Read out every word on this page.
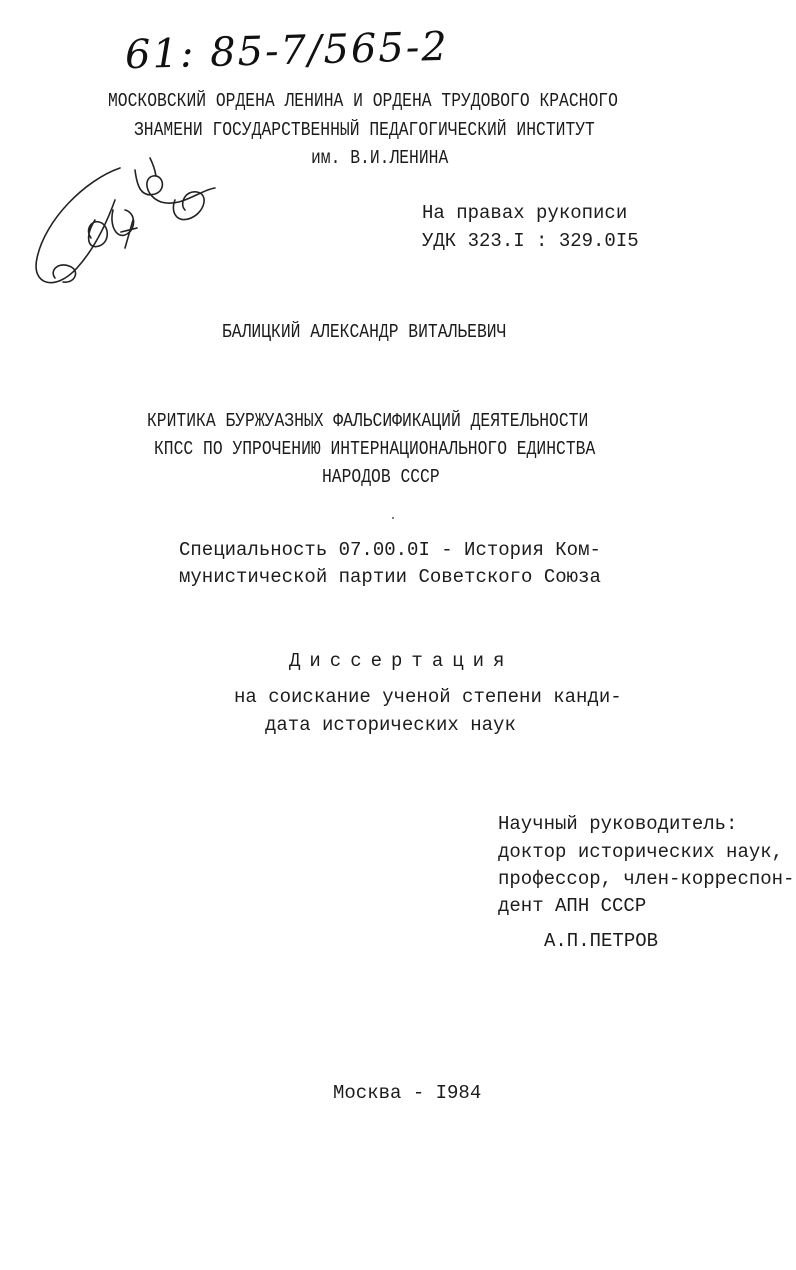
61: 85-7/565-2
МОСКОВСКИЙ ОРДЕНА ЛЕНИНА И ОРДЕНА ТРУДОВОГО КРАСНОГО
ЗНАМЕНИ ГОСУДАРСТВЕННЫЙ ПЕДАГОГИЧЕСКИЙ ИНСТИТУТ
им. В.И.ЛЕНИНА
На правах рукописи
УДК 323.I : 329.0I5
БАЛИЦКИЙ АЛЕКСАНДР ВИТАЛЬЕВИЧ
КРИТИКА БУРЖУАЗНЫХ ФАЛЬСИФИКАЦИЙ ДЕЯТЕЛЬНОСТИ
КПСС ПО УПРОЧЕНИЮ ИНТЕРНАЦИОНАЛЬНОГО ЕДИНСТВА
НАРОДОВ СССР
Специальность 07.00.0I - История Ком-
мунистической партии Советского Союза
Диссертация
на соискание ученой степени канди-
дата исторических наук
Научный руководитель:
доктор исторических наук,
профессор, член-корреспон-
дент АПН СССР
А.П.ПЕТРОВ
Москва - I984
